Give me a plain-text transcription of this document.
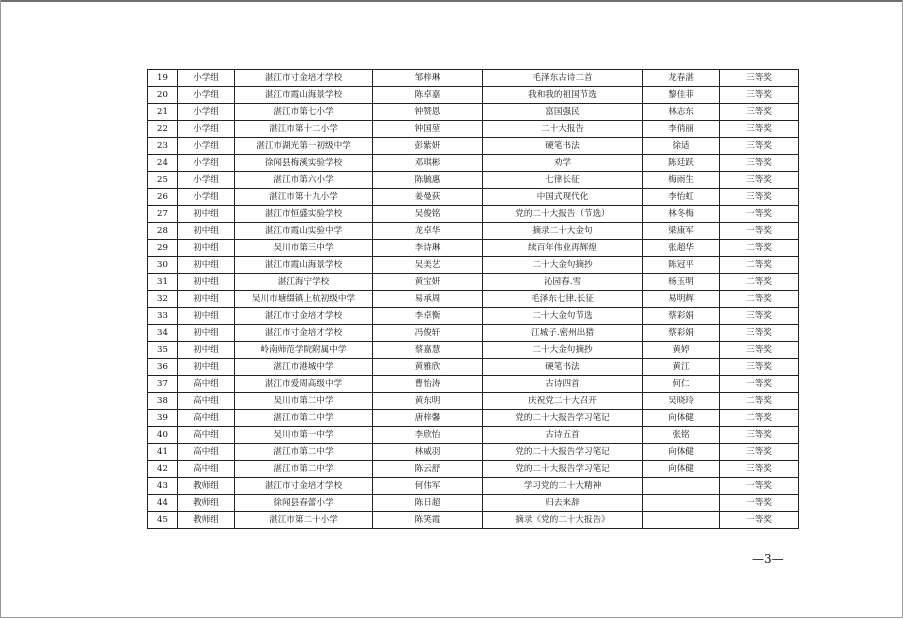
19	小学组	湛江市寸金培才学校	邹梓琳	毛泽东古诗二首	龙春湛	三等奖
20	小学组	湛江市霞山海景学校	陈卓嘉	我和我的祖国节选	黎佳菲	三等奖
21	小学组	湛江市第七小学	钟赞恩	富国强民	林志东	三等奖
22	小学组	湛江市第十二小学	钟国堃	二十大报告	李俏丽	三等奖
23	小学组	湛江市湖光第一初级中学	彭紫妍	硬笔书法	徐适	三等奖
24	小学组	徐闻县梅溪实验学校	邓琪彬	劝学	陈廷跃	三等奖
25	小学组	湛江市第六小学	陈毓惠	七律长征	梅雨生	三等奖
26	小学组	湛江市第十九小学	姜曼荻	中国式现代化	李怡虹	三等奖
27	初中组	湛江市恒盛实验学校	吴俊铭	党的二十大报告（节选）	林冬梅	一等奖
28	初中组	湛江市霞山实验中学	龙卓华	摘录二十大金句	梁康军	一等奖
29	初中组	吴川市第三中学	李诗琳	续百年伟业再辉煌	张超华	二等奖
30	初中组	湛江市霞山海景学校	吴美艺	二十大金句摘抄	陈冠平	二等奖
31	初中组	湛江海宁学校	黄宝妍	沁园春.雪	杨玉明	二等奖
32	初中组	吴川市塘缀镇上杭初级中学	易承周	毛泽东七律.长征	易明辉	二等奖
33	初中组	湛江市寸金培才学校	李卓衡	二十大金句节选	蔡彩娟	三等奖
34	初中组	湛江市寸金培才学校	冯俊轩	江城子.密州出猎	蔡彩娟	三等奖
35	初中组	岭南师范学院附属中学	蔡嘉慧	二十大金句摘抄	黄婷	三等奖
36	初中组	湛江市港城中学	黄雅欣	硬笔书法	黄江	三等奖
37	高中组	湛江市爱周高级中学	曹怡涛	古诗四首	何仁	一等奖
38	高中组	吴川市第二中学	黄东明	庆祝党二十大召开	吴晓玲	二等奖
39	高中组	湛江市第二中学	唐梓馨	党的二十大报告学习笔记	向体健	二等奖
40	高中组	吴川市第一中学	李欣怡	古诗五首	张铭	三等奖
41	高中组	湛江市第二中学	林威羽	党的二十大报告学习笔记	向体健	三等奖
42	高中组	湛江市第二中学	陈云舒	党的二十大报告学习笔记	向体健	三等奖
43	教师组	湛江市寸金培才学校	何伟军	学习党的二十大精神		一等奖
44	教师组	徐闻县春蕾小学	陈日超	归去来辞		一等奖
45	教师组	湛江市第二十小学	陈笑霞	摘录《党的二十大报告》		一等奖
—3—
